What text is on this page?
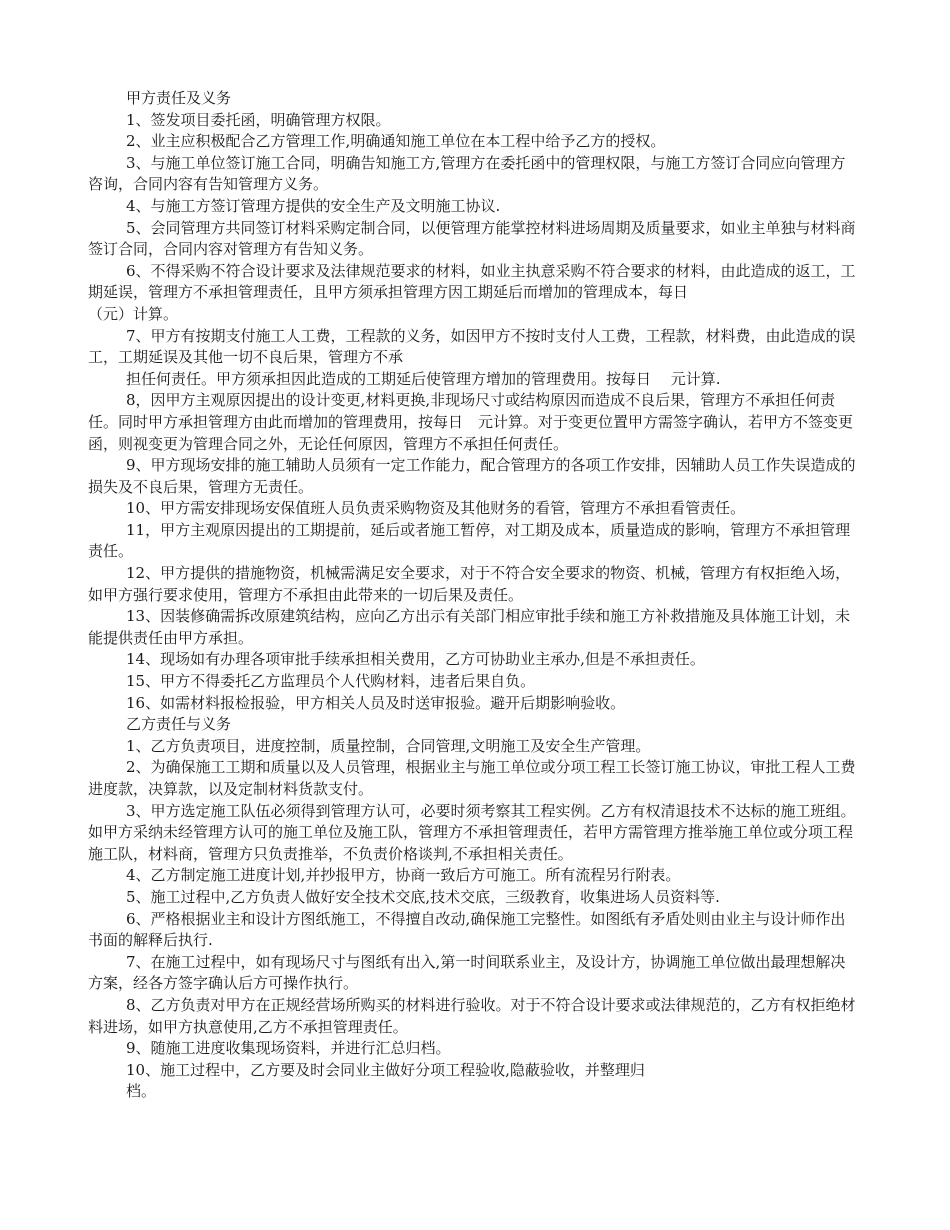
甲方责任及义务

1、签发项目委托函，明确管理方权限。

2、业主应积极配合乙方管理工作,明确通知施工单位在本工程中给予乙方的授权。

3、与施工单位签订施工合同，明确告知施工方,管理方在委托函中的管理权限，与施工方签订合同应向管理方咨询，合同内容有告知管理方义务。

4、与施工方签订管理方提供的安全生产及文明施工协议.

5、会同管理方共同签订材料采购定制合同，以便管理方能掌控材料进场周期及质量要求，如业主单独与材料商签订合同，合同内容对管理方有告知义务。

6、不得采购不符合设计要求及法律规范要求的材料，如业主执意采购不符合要求的材料，由此造成的返工，工期延误，管理方不承担管理责任，且甲方须承担管理方因工期延后而增加的管理成本，每日

（元）计算。

7、甲方有按期支付施工人工费，工程款的义务，如因甲方不按时支付人工费，工程款，材料费，由此造成的误工，工期延误及其他一切不良后果，管理方不承

担任何责任。甲方须承担因此造成的工期延后使管理方增加的管理费用。按每日　 元计算.

8，因甲方主观原因提出的设计变更,材料更换,非现场尺寸或结构原因而造成不良后果，管理方不承担任何责任。同时甲方承担管理方由此而增加的管理费用，按每日　元计算。对于变更位置甲方需签字确认，若甲方不签变更函，则视变更为管理合同之外，无论任何原因，管理方不承担任何责任。

9、甲方现场安排的施工辅助人员须有一定工作能力，配合管理方的各项工作安排，因辅助人员工作失误造成的损失及不良后果，管理方无责任。

10、甲方需安排现场安保值班人员负责采购物资及其他财务的看管，管理方不承担看管责任。

11，甲方主观原因提出的工期提前，延后或者施工暂停，对工期及成本，质量造成的影响，管理方不承担管理责任。

12、甲方提供的措施物资，机械需满足安全要求，对于不符合安全要求的物资、机械，管理方有权拒绝入场，如甲方强行要求使用，管理方不承担由此带来的一切后果及责任。

13、因装修确需拆改原建筑结构，应向乙方出示有关部门相应审批手续和施工方补救措施及具体施工计划，未能提供责任由甲方承担。

14、现场如有办理各项审批手续承担相关费用，乙方可协助业主承办,但是不承担责任。

15、甲方不得委托乙方监理员个人代购材料，违者后果自负。

16、如需材料报检报验，甲方相关人员及时送审报验。避开后期影响验收。

乙方责任与义务

1、乙方负责项目，进度控制，质量控制，合同管理,文明施工及安全生产管理。

2、为确保施工工期和质量以及人员管理，根据业主与施工单位或分项工程工长签订施工协议，审批工程人工费进度款，决算款，以及定制材料货款支付。

3、甲方选定施工队伍必须得到管理方认可，必要时须考察其工程实例。乙方有权清退技术不达标的施工班组。如甲方采纳未经管理方认可的施工单位及施工队，管理方不承担管理责任，若甲方需管理方推举施工单位或分项工程施工队，材料商，管理方只负责推举，不负责价格谈判,不承担相关责任。

4、乙方制定施工进度计划,并抄报甲方，协商一致后方可施工。所有流程另行附表。

5、施工过程中,乙方负责人做好安全技术交底,技术交底，三级教育，收集进场人员资料等.

6、严格根据业主和设计方图纸施工，不得擅自改动,确保施工完整性。如图纸有矛盾处则由业主与设计师作出书面的解释后执行.

7、在施工过程中，如有现场尺寸与图纸有出入,第一时间联系业主，及设计方，协调施工单位做出最理想解决方案，经各方签字确认后方可操作执行。

8、乙方负责对甲方在正规经营场所购买的材料进行验收。对于不符合设计要求或法律规范的，乙方有权拒绝材料进场，如甲方执意使用,乙方不承担管理责任。

9、随施工进度收集现场资料，并进行汇总归档。

10、施工过程中，乙方要及时会同业主做好分项工程验收,隐蔽验收，并整理归

档。
